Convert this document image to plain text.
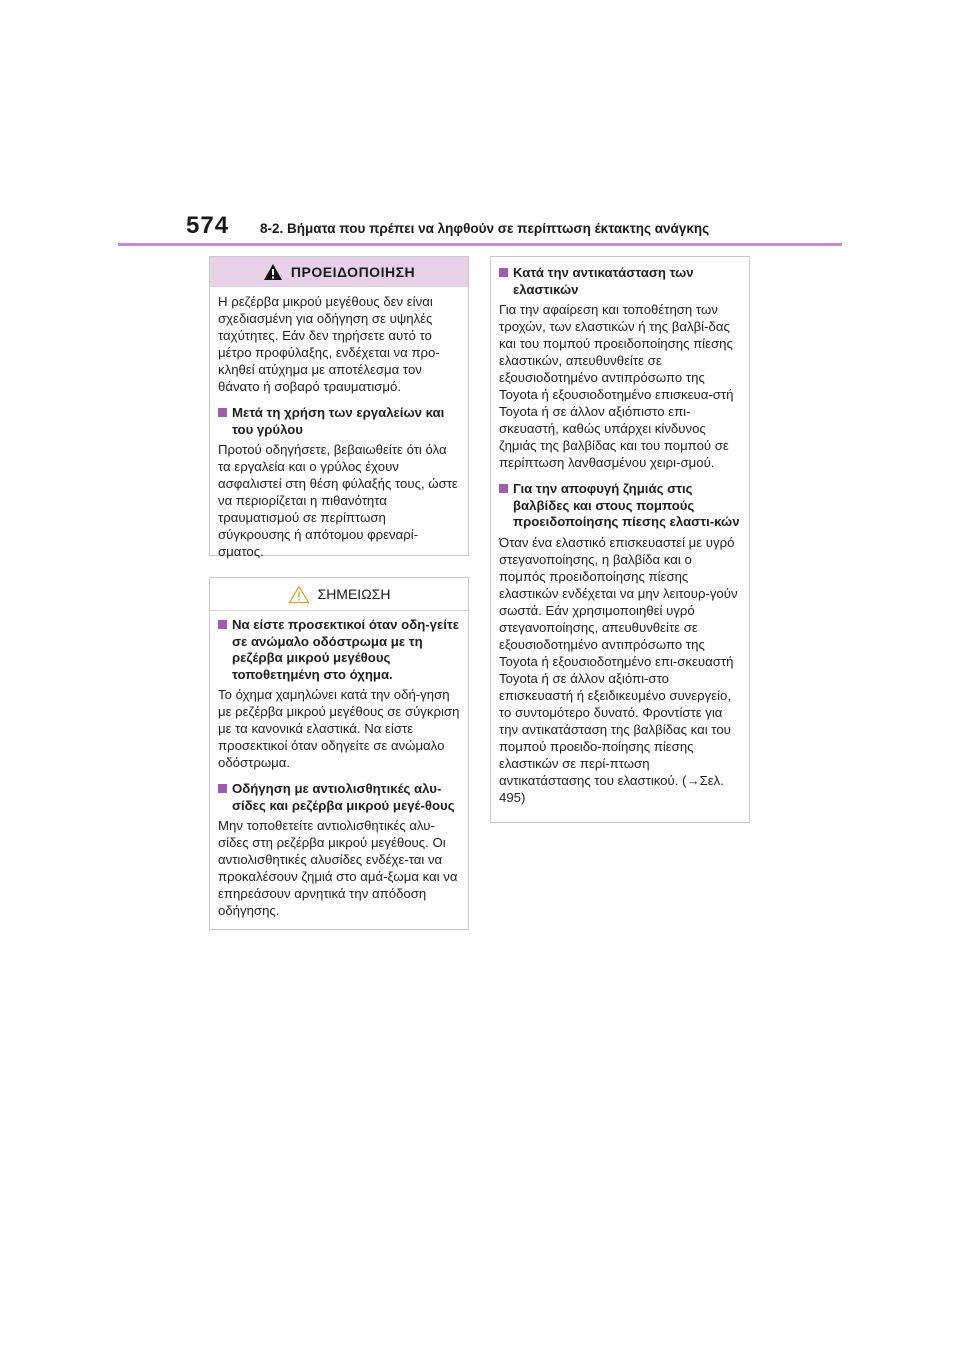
574 8-2. Βήματα που πρέπει να ληφθούν σε περίπτωση έκτακτης ανάγκης
ΠΡΟΕΙΔΟΠΟΙΗΣΗ

Η ρεζέρβα μικρού μεγέθους δεν είναι σχεδιασμένη για οδήγηση σε υψηλές ταχύτητες. Εάν δεν τηρήσετε αυτό το μέτρο προφύλαξης, ενδέχεται να προ-κληθεί ατύχημα με αποτέλεσμα τον θάνατο ή σοβαρό τραυματισμό.

Μετά τη χρήση των εργαλείων και του γρύλου

Προτού οδηγήσετε, βεβαιωθείτε ότι όλα τα εργαλεία και ο γρύλος έχουν ασφαλιστεί στη θέση φύλαξής τους, ώστε να περιορίζεται η πιθανότητα τραυματισμού σε περίπτωση σύγκρουσης ή απότομου φρεναρί-σματος.

ΣΗΜΕΙΩΣΗ
Να είστε προσεκτικοί όταν οδη-γείτε σε ανώμαλο οδόστρωμα με τη ρεζέρβα μικρού μεγέθους τοποθετημένη στο όχημα.

Το όχημα χαμηλώνει κατά την οδή-γηση με ρεζέρβα μικρού μεγέθους σε σύγκριση με τα κανονικά ελαστικά. Να είστε προσεκτικοί όταν οδηγείτε σε ανώμαλο οδόστρωμα.

Οδήγηση με αντιολισθητικές αλυ-σίδες και ρεζέρβα μικρού μεγέ-θους

Μην τοποθετείτε αντιολισθητικές αλυ-σίδες στη ρεζέρβα μικρού μεγέθους. Οι αντιολισθητικές αλυσίδες ενδέχε-ται να προκαλέσουν ζημιά στο αμά-ξωμα και να επηρεάσουν αρνητικά την απόδοση οδήγησης.

Κατά την αντικατάσταση των ελαστικών

Για την αφαίρεση και τοποθέτηση των τροχών, των ελαστικών ή της βαλβί-δας και του πομπού προειδοποίησης πίεσης ελαστικών, απευθυνθείτε σε εξουσιοδοτημένο αντιπρόσωπο της Toyota ή εξουσιοδοτημένο επισκευα-στή Toyota ή σε άλλον αξιόπιστο επι-σκευαστή, καθώς υπάρχει κίνδυνος ζημιάς της βαλβίδας και του πομπού σε περίπτωση λανθασμένου χειρι-σμού.

Για την αποφυγή ζημιάς στις βαλβίδες και στους πομπούς προειδοποίησης πίεσης ελαστι-κών

Όταν ένα ελαστικό επισκευαστεί με υγρό στεγανοποίησης, η βαλβίδα και ο πομπός προειδοποίησης πίεσης ελαστικών ενδέχεται να μην λειτουρ-γούν σωστά. Εάν χρησιμοποιηθεί υγρό στεγανοποίησης, απευθυνθείτε σε εξουσιοδοτημένο αντιπρόσωπο της Toyota ή εξουσιοδοτημένο επι-σκευαστή Toyota ή σε άλλον αξιόπι-στο επισκευαστή ή εξειδικευμένο συνεργείο, το συντομότερο δυνατό. Φροντίστε για την αντικατάσταση της βαλβίδας και του πομπού προειδο-ποίησης πίεσης ελαστικών σε περί-πτωση αντικατάστασης του ελαστικού. (→Σελ. 495)
